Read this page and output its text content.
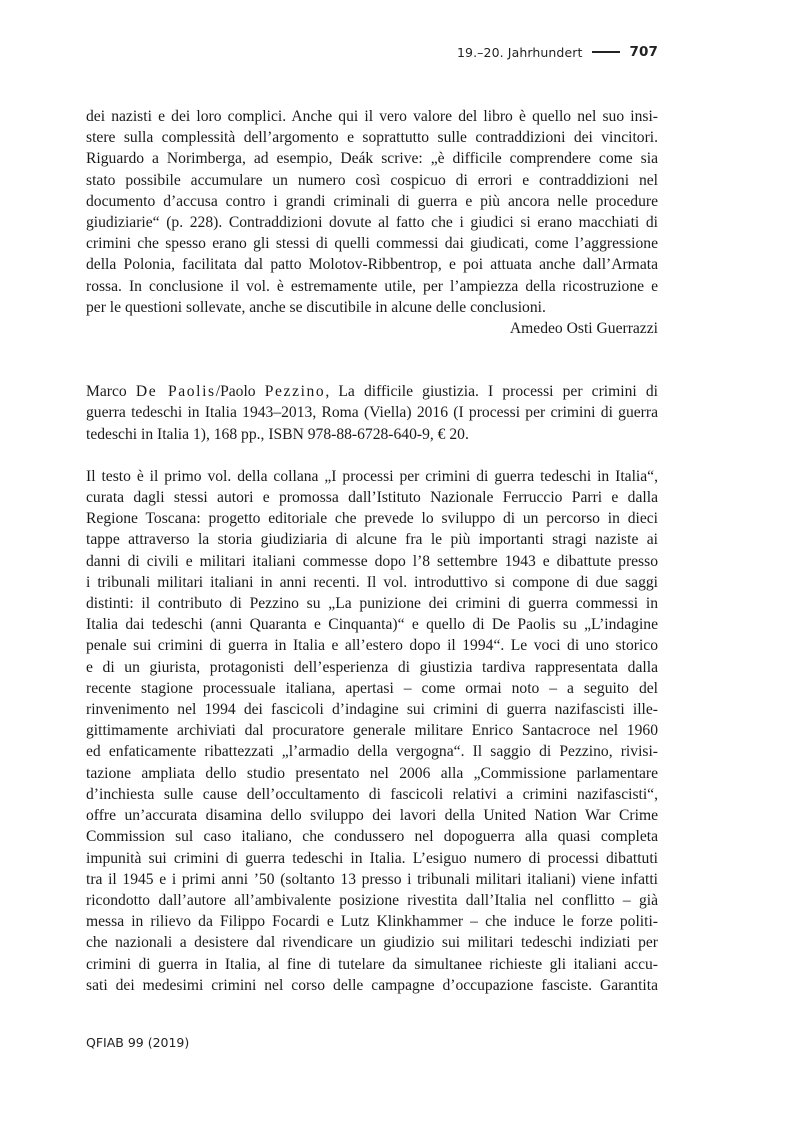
19.–20. Jahrhundert	707
dei nazisti e dei loro complici. Anche qui il vero valore del libro è quello nel suo insi-
stere sulla complessità dell’argomento e soprattutto sulle contraddizioni dei vincitori.
Riguardo a Norimberga, ad esempio, Deák scrive: „è difficile comprendere come sia
stato possibile accumulare un numero così cospicuo di errori e contraddizioni nel
documento d’accusa contro i grandi criminali di guerra e più ancora nelle procedure
giudiziarie“ (p. 228). Contraddizioni dovute al fatto che i giudici si erano macchiati di
crimini che spesso erano gli stessi di quelli commessi dai giudicati, come l’aggressione
della Polonia, facilitata dal patto Molotov-Ribbentrop, e poi attuata anche dall’Armata
rossa. In conclusione il vol. è estremamente utile, per l’ampiezza della ricostruzione e
per le questioni sollevate, anche se discutibile in alcune delle conclusioni.
Amedeo Osti Guerrazzi
Marco De Paolis/Paolo Pezzino, La difficile giustizia. I processi per crimini di
guerra tedeschi in Italia 1943–2013, Roma (Viella) 2016 (I processi per crimini di guerra
tedeschi in Italia 1), 168 pp., ISBN 978-88-6728-640-9, € 20.
Il testo è il primo vol. della collana „I processi per crimini di guerra tedeschi in Italia“,
curata dagli stessi autori e promossa dall’Istituto Nazionale Ferruccio Parri e dalla
Regione Toscana: progetto editoriale che prevede lo sviluppo di un percorso in dieci
tappe attraverso la storia giudiziaria di alcune fra le più importanti stragi naziste ai
danni di civili e militari italiani commesse dopo l’8 settembre 1943 e dibattute presso
i tribunali militari italiani in anni recenti. Il vol. introduttivo si compone di due saggi
distinti: il contributo di Pezzino su „La punizione dei crimini di guerra commessi in
Italia dai tedeschi (anni Quaranta e Cinquanta)“ e quello di De Paolis su „L’indagine
penale sui crimini di guerra in Italia e all’estero dopo il 1994“. Le voci di uno storico
e di un giurista, protagonisti dell’esperienza di giustizia tardiva rappresentata dalla
recente stagione processuale italiana, apertasi – come ormai noto – a seguito del
rinvenimento nel 1994 dei fascicoli d’indagine sui crimini di guerra nazifascisti ille-
gittimamente archiviati dal procuratore generale militare Enrico Santacroce nel 1960
ed enfaticamente ribattezzati „l’armadio della vergogna“. Il saggio di Pezzino, rivisi-
tazione ampliata dello studio presentato nel 2006 alla „Commissione parlamentare
d’inchiesta sulle cause dell’occultamento di fascicoli relativi a crimini nazifascisti“,
offre un’accurata disamina dello sviluppo dei lavori della United Nation War Crime
Commission sul caso italiano, che condussero nel dopoguerra alla quasi completa
impunità sui crimini di guerra tedeschi in Italia. L’esiguo numero di processi dibattuti
tra il 1945 e i primi anni ’50 (soltanto 13 presso i tribunali militari italiani) viene infatti
ricondotto dall’autore all’ambivalente posizione rivestita dall’Italia nel conflitto – già
messa in rilievo da Filippo Focardi e Lutz Klinkhammer – che induce le forze politi-
che nazionali a desistere dal rivendicare un giudizio sui militari tedeschi indiziati per
crimini di guerra in Italia, al fine di tutelare da simultanee richieste gli italiani accu-
sati dei medesimi crimini nel corso delle campagne d’occupazione fasciste. Garantita
QFIAB 99 (2019)
